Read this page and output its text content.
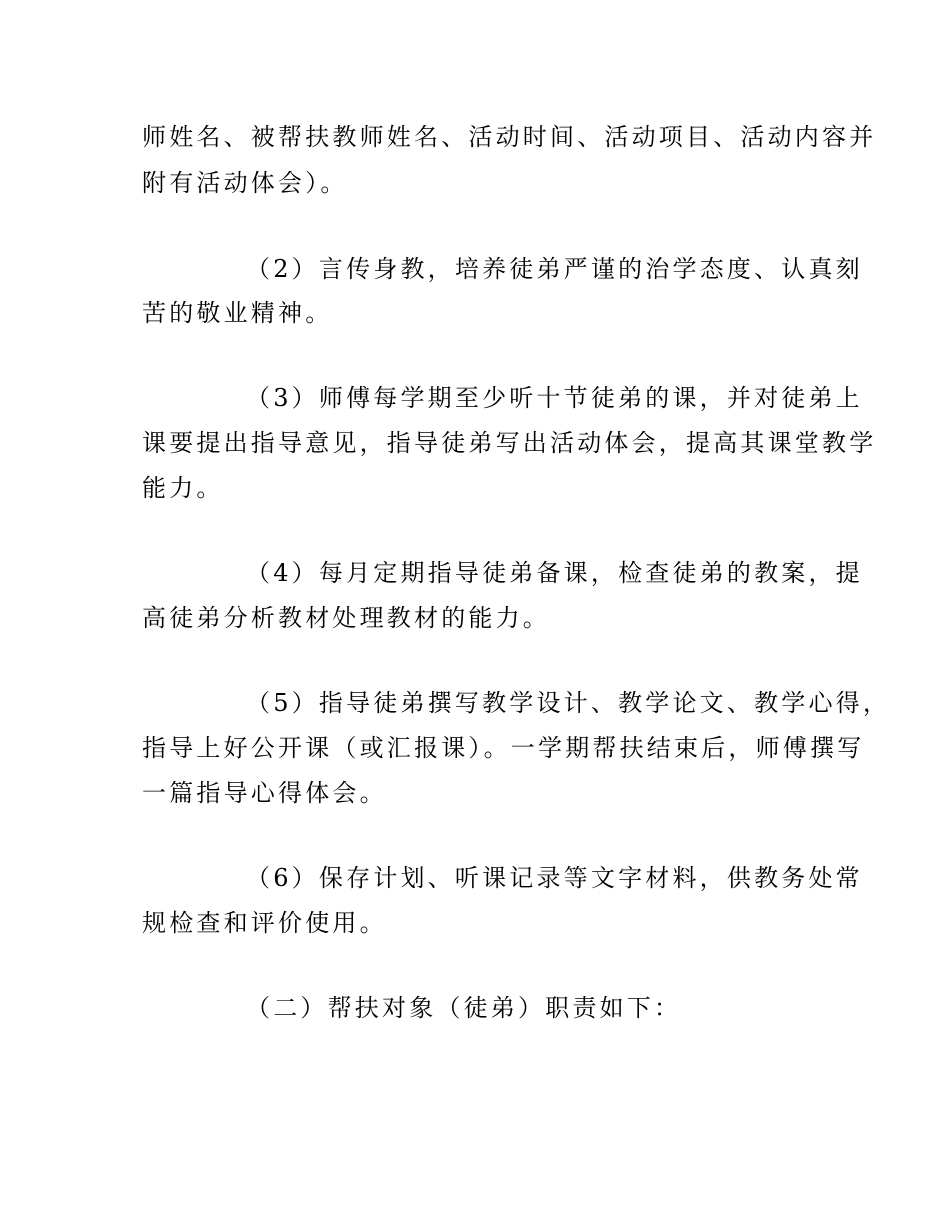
师姓名、被帮扶教师姓名、活动时间、活动项目、活动内容并
附有活动体会）。
（2）言传身教，培养徒弟严谨的治学态度、认真刻
苦的敬业精神。
（3）师傅每学期至少听十节徒弟的课，并对徒弟上
课要提出指导意见，指导徒弟写出活动体会，提高其课堂教学
能力。
（4）每月定期指导徒弟备课，检查徒弟的教案，提
高徒弟分析教材处理教材的能力。
（5）指导徒弟撰写教学设计、教学论文、教学心得，
指导上好公开课（或汇报课）。一学期帮扶结束后，师傅撰写
一篇指导心得体会。
（6）保存计划、听课记录等文字材料，供教务处常
规检查和评价使用。
（二）帮扶对象（徒弟）职责如下：
